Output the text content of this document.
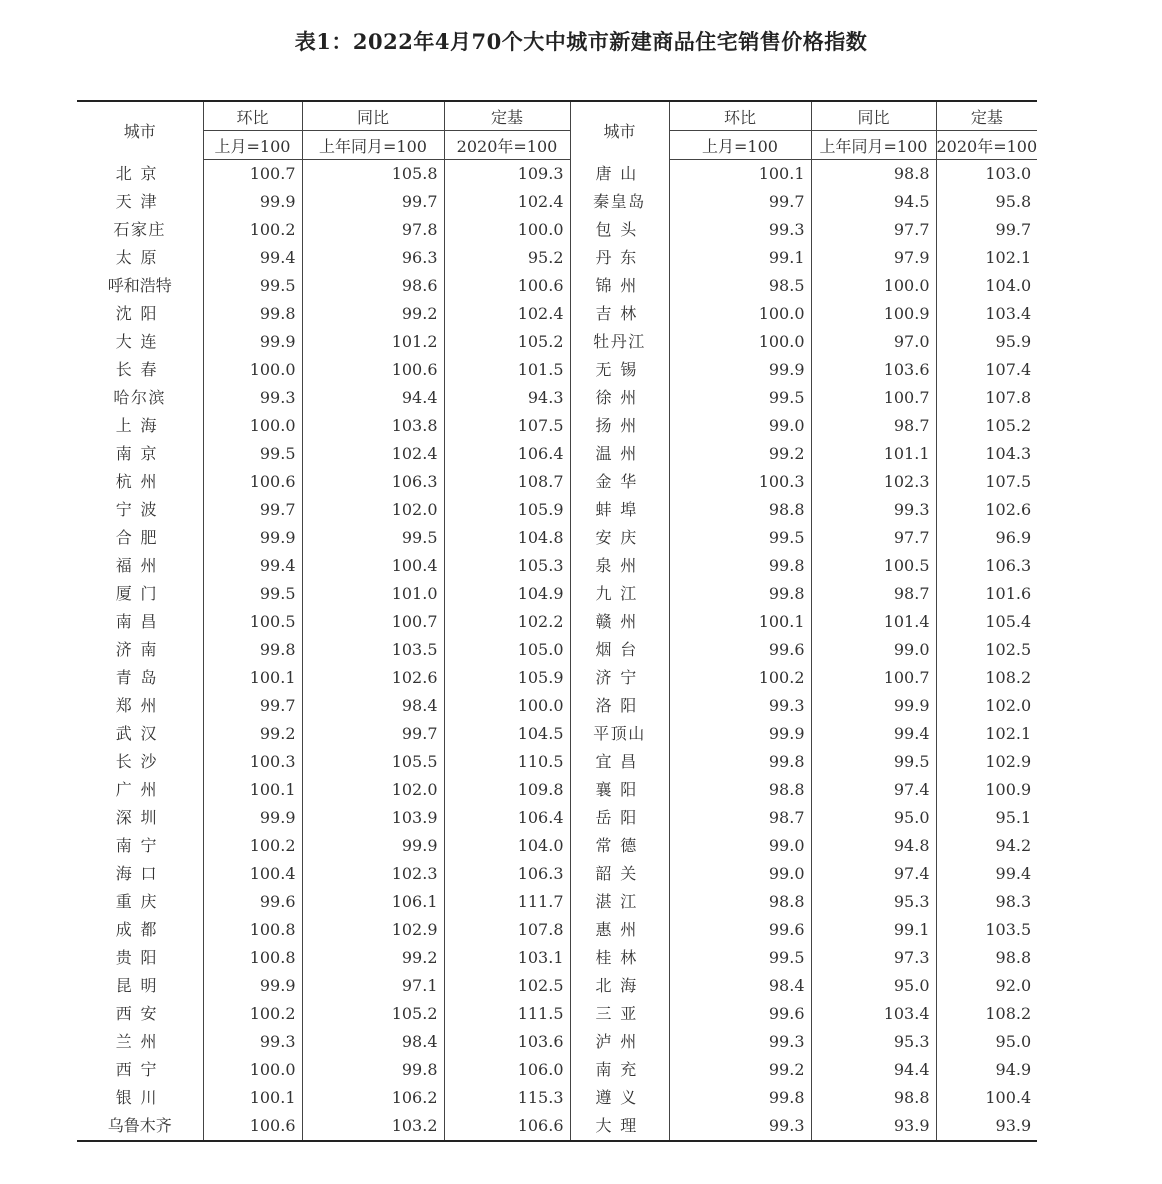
表1：2022年4月70个大中城市新建商品住宅销售价格指数
城市	环比	同比	定基	城市	环比	同比	定基
	上月=100	上年同月=100	2020年=100		上月=100	上年同月=100	2020年=100
北京	100.7	105.8	109.3	唐山	100.1	98.8	103.0
天津	99.9	99.7	102.4	秦皇岛	99.7	94.5	95.8
石家庄	100.2	97.8	100.0	包头	99.3	97.7	99.7
太原	99.4	96.3	95.2	丹东	99.1	97.9	102.1
呼和浩特	99.5	98.6	100.6	锦州	98.5	100.0	104.0
沈阳	99.8	99.2	102.4	吉林	100.0	100.9	103.4
大连	99.9	101.2	105.2	牡丹江	100.0	97.0	95.9
长春	100.0	100.6	101.5	无锡	99.9	103.6	107.4
哈尔滨	99.3	94.4	94.3	徐州	99.5	100.7	107.8
上海	100.0	103.8	107.5	扬州	99.0	98.7	105.2
南京	99.5	102.4	106.4	温州	99.2	101.1	104.3
杭州	100.6	106.3	108.7	金华	100.3	102.3	107.5
宁波	99.7	102.0	105.9	蚌埠	98.8	99.3	102.6
合肥	99.9	99.5	104.8	安庆	99.5	97.7	96.9
福州	99.4	100.4	105.3	泉州	99.8	100.5	106.3
厦门	99.5	101.0	104.9	九江	99.8	98.7	101.6
南昌	100.5	100.7	102.2	赣州	100.1	101.4	105.4
济南	99.8	103.5	105.0	烟台	99.6	99.0	102.5
青岛	100.1	102.6	105.9	济宁	100.2	100.7	108.2
郑州	99.7	98.4	100.0	洛阳	99.3	99.9	102.0
武汉	99.2	99.7	104.5	平顶山	99.9	99.4	102.1
长沙	100.3	105.5	110.5	宜昌	99.8	99.5	102.9
广州	100.1	102.0	109.8	襄阳	98.8	97.4	100.9
深圳	99.9	103.9	106.4	岳阳	98.7	95.0	95.1
南宁	100.2	99.9	104.0	常德	99.0	94.8	94.2
海口	100.4	102.3	106.3	韶关	99.0	97.4	99.4
重庆	99.6	106.1	111.7	湛江	98.8	95.3	98.3
成都	100.8	102.9	107.8	惠州	99.6	99.1	103.5
贵阳	100.8	99.2	103.1	桂林	99.5	97.3	98.8
昆明	99.9	97.1	102.5	北海	98.4	95.0	92.0
西安	100.2	105.2	111.5	三亚	99.6	103.4	108.2
兰州	99.3	98.4	103.6	泸州	99.3	95.3	95.0
西宁	100.0	99.8	106.0	南充	99.2	94.4	94.9
银川	100.1	106.2	115.3	遵义	99.8	98.8	100.4
乌鲁木齐	100.6	103.2	106.6	大理	99.3	93.9	93.9
